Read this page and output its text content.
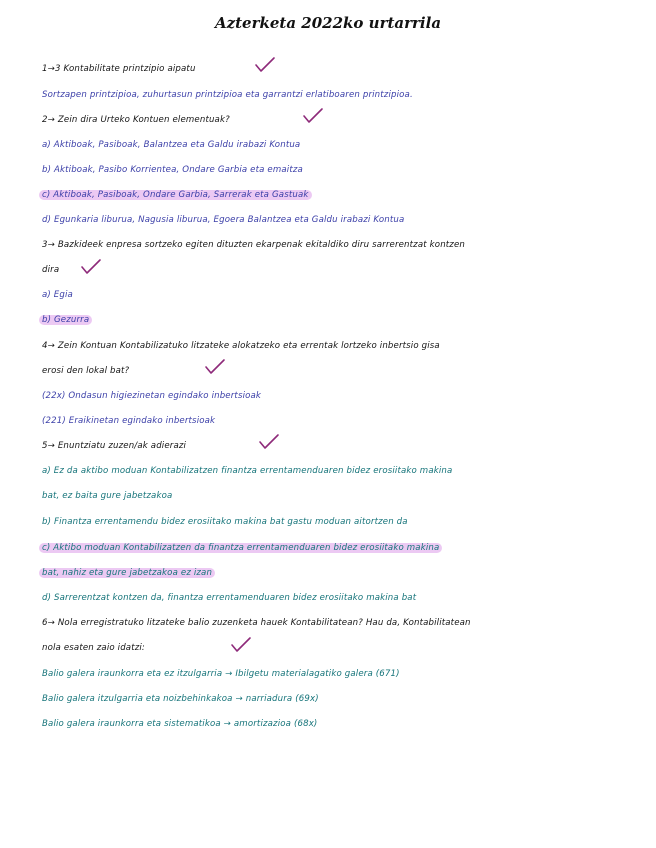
Azterketa 2022ko urtarrila
1→3 Kontabilitate printzipio aipatu
Sortzapen printzipioa, zuhurtasun printzipioa eta garrantzi erlatiboaren printzipioa.
2→ Zein dira Urteko Kontuen elementuak?
a) Aktiboak, Pasiboak, Balantzea eta Galdu irabazi Kontua
b) Aktiboak, Pasibo Korrientea, Ondare Garbia eta emaitza
c) Aktiboak, Pasiboak, Ondare Garbia, Sarrerak eta Gastuak
d) Egunkaria liburua, Nagusia liburua, Egoera Balantzea eta Galdu irabazi Kontua
3→ Bazkideek enpresa sortzeko egiten dituzten ekarpenak ekitaldiko diru sarrerentzat kontzen
dira
a) Egia
b) Gezurra
4→ Zein Kontuan Kontabilizatuko litzateke alokatzeko eta errentak lortzeko inbertsio gisa
erosi den lokal bat?
(22x) Ondasun higiezinetan egindako inbertsioak
(221) Eraikinetan egindako inbertsioak
5→ Enuntziatu zuzen/ak adierazi
a) Ez da aktibo moduan Kontabilizatzen finantza errentamenduaren bidez erosiitako makina
bat, ez baita gure jabetzakoa
b) Finantza errentamendu bidez erosiitako makina bat gastu moduan aitortzen da
c) Aktibo moduan Kontabilizatzen da finantza errentamenduaren bidez erosiitako makina
bat, nahiz eta gure jabetzakoa ez izan
d) Sarrerentzat kontzen da, finantza errentamenduaren bidez erosiitako makina bat
6→ Nola erregistratuko litzateke balio zuzenketa hauek Kontabilitatean? Hau da, Kontabilitatean
nola esaten zaio idatzi:
Balio galera iraunkorra eta ez itzulgarria → Ibilgetu materialagatiko galera (671)
Balio galera itzulgarria eta noizbehinkakoa → narriadura (69x)
Balio galera iraunkorra eta sistematikoa → amortizazioa (68x)
